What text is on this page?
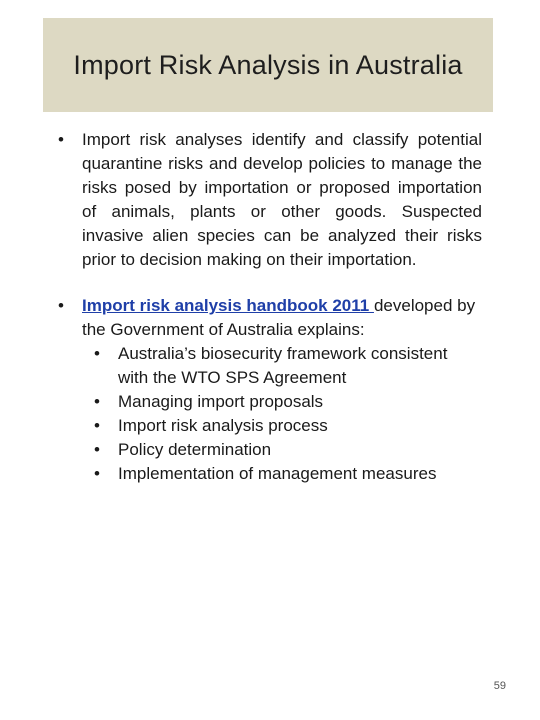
Import Risk Analysis in Australia
• Import risk analyses identify and classify potential quarantine risks and develop policies to manage the risks posed by importation or proposed importation of animals, plants or other goods. Suspected invasive alien species can be analyzed their risks prior to decision making on their importation.
• Import risk analysis handbook 2011 developed by the Government of Australia explains:
• Australia’s biosecurity framework consistent with the WTO SPS Agreement
• Managing import proposals
• Import risk analysis process
• Policy determination
• Implementation of management measures
59
